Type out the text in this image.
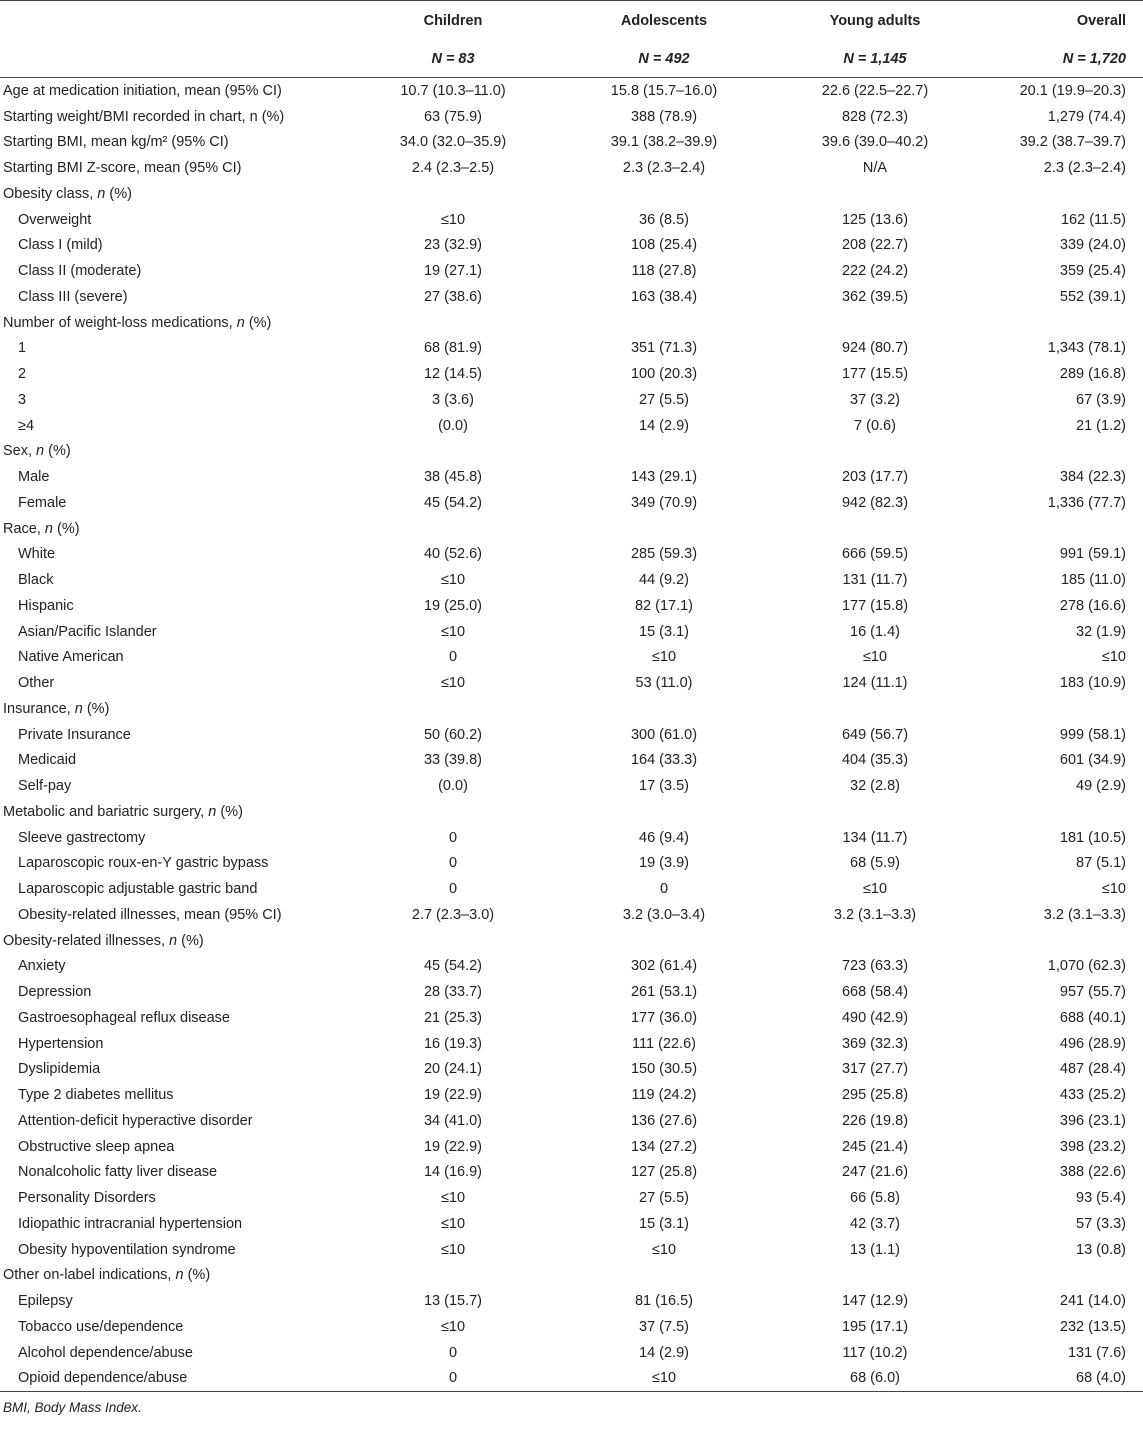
	Children	Adolescents	Young adults	Overall
	N = 83	N = 492	N = 1,145	N = 1,720
Age at medication initiation, mean (95% CI)	10.7 (10.3–11.0)	15.8 (15.7–16.0)	22.6 (22.5–22.7)	20.1 (19.9–20.3)
Starting weight/BMI recorded in chart, n (%)	63 (75.9)	388 (78.9)	828 (72.3)	1,279 (74.4)
Starting BMI, mean kg/m² (95% CI)	34.0 (32.0–35.9)	39.1 (38.2–39.9)	39.6 (39.0–40.2)	39.2 (38.7–39.7)
Starting BMI Z-score, mean (95% CI)	2.4 (2.3–2.5)	2.3 (2.3–2.4)	N/A	2.3 (2.3–2.4)
Obesity class, n (%)				
Overweight	≤10	36 (8.5)	125 (13.6)	162 (11.5)
Class I (mild)	23 (32.9)	108 (25.4)	208 (22.7)	339 (24.0)
Class II (moderate)	19 (27.1)	118 (27.8)	222 (24.2)	359 (25.4)
Class III (severe)	27 (38.6)	163 (38.4)	362 (39.5)	552 (39.1)
Number of weight-loss medications, n (%)				
1	68 (81.9)	351 (71.3)	924 (80.7)	1,343 (78.1)
2	12 (14.5)	100 (20.3)	177 (15.5)	289 (16.8)
3	3 (3.6)	27 (5.5)	37 (3.2)	67 (3.9)
≥4	(0.0)	14 (2.9)	7 (0.6)	21 (1.2)
Sex, n (%)				
Male	38 (45.8)	143 (29.1)	203 (17.7)	384 (22.3)
Female	45 (54.2)	349 (70.9)	942 (82.3)	1,336 (77.7)
Race, n (%)				
White	40 (52.6)	285 (59.3)	666 (59.5)	991 (59.1)
Black	≤10	44 (9.2)	131 (11.7)	185 (11.0)
Hispanic	19 (25.0)	82 (17.1)	177 (15.8)	278 (16.6)
Asian/Pacific Islander	≤10	15 (3.1)	16 (1.4)	32 (1.9)
Native American	0	≤10	≤10	≤10
Other	≤10	53 (11.0)	124 (11.1)	183 (10.9)
Insurance, n (%)				
Private Insurance	50 (60.2)	300 (61.0)	649 (56.7)	999 (58.1)
Medicaid	33 (39.8)	164 (33.3)	404 (35.3)	601 (34.9)
Self-pay	(0.0)	17 (3.5)	32 (2.8)	49 (2.9)
Metabolic and bariatric surgery, n (%)				
Sleeve gastrectomy	0	46 (9.4)	134 (11.7)	181 (10.5)
Laparoscopic roux-en-Y gastric bypass	0	19 (3.9)	68 (5.9)	87 (5.1)
Laparoscopic adjustable gastric band	0	0	≤10	≤10
Obesity-related illnesses, mean (95% CI)	2.7 (2.3–3.0)	3.2 (3.0–3.4)	3.2 (3.1–3.3)	3.2 (3.1–3.3)
Obesity-related illnesses, n (%)				
Anxiety	45 (54.2)	302 (61.4)	723 (63.3)	1,070 (62.3)
Depression	28 (33.7)	261 (53.1)	668 (58.4)	957 (55.7)
Gastroesophageal reflux disease	21 (25.3)	177 (36.0)	490 (42.9)	688 (40.1)
Hypertension	16 (19.3)	111 (22.6)	369 (32.3)	496 (28.9)
Dyslipidemia	20 (24.1)	150 (30.5)	317 (27.7)	487 (28.4)
Type 2 diabetes mellitus	19 (22.9)	119 (24.2)	295 (25.8)	433 (25.2)
Attention-deficit hyperactive disorder	34 (41.0)	136 (27.6)	226 (19.8)	396 (23.1)
Obstructive sleep apnea	19 (22.9)	134 (27.2)	245 (21.4)	398 (23.2)
Nonalcoholic fatty liver disease	14 (16.9)	127 (25.8)	247 (21.6)	388 (22.6)
Personality Disorders	≤10	27 (5.5)	66 (5.8)	93 (5.4)
Idiopathic intracranial hypertension	≤10	15 (3.1)	42 (3.7)	57 (3.3)
Obesity hypoventilation syndrome	≤10	≤10	13 (1.1)	13 (0.8)
Other on-label indications, n (%)				
Epilepsy	13 (15.7)	81 (16.5)	147 (12.9)	241 (14.0)
Tobacco use/dependence	≤10	37 (7.5)	195 (17.1)	232 (13.5)
Alcohol dependence/abuse	0	14 (2.9)	117 (10.2)	131 (7.6)
Opioid dependence/abuse	0	≤10	68 (6.0)	68 (4.0)
BMI, Body Mass Index.
